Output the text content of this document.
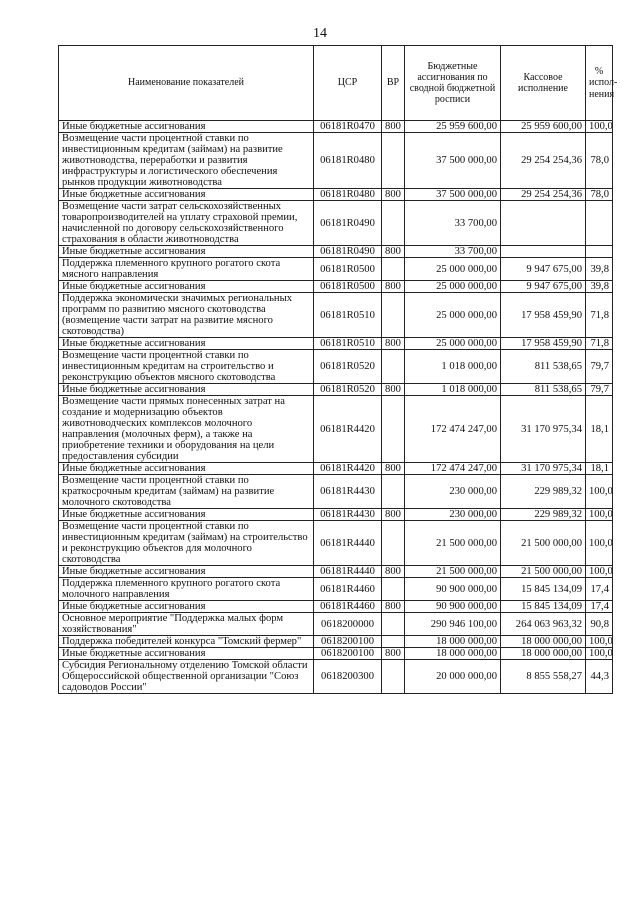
14
Наименование показателей	ЦСР	ВР	Бюджетные ассигнования по сводной бюджетной росписи	Кассовое исполнение	% испол-нения
Иные бюджетные ассигнования	06181R0470	800	25 959 600,00	25 959 600,00	100,0
Возмещение части процентной ставки по инвестиционным кредитам (займам) на развитие животноводства, переработки и развития инфраструктуры и логистического обеспечения рынков продукции животноводства	06181R0480		37 500 000,00	29 254 254,36	78,0
Иные бюджетные ассигнования	06181R0480	800	37 500 000,00	29 254 254,36	78,0
Возмещение части затрат сельскохозяйственных товаропроизводителей на уплату страховой премии, начисленной по договору сельскохозяйственного страхования в области животноводства	06181R0490		33 700,00		
Иные бюджетные ассигнования	06181R0490	800	33 700,00		
Поддержка племенного крупного рогатого скота мясного направления	06181R0500		25 000 000,00	9 947 675,00	39,8
Иные бюджетные ассигнования	06181R0500	800	25 000 000,00	9 947 675,00	39,8
Поддержка экономически значимых региональных программ по развитию мясного скотоводства (возмещение части затрат на развитие мясного скотоводства)	06181R0510		25 000 000,00	17 958 459,90	71,8
Иные бюджетные ассигнования	06181R0510	800	25 000 000,00	17 958 459,90	71,8
Возмещение части процентной ставки по инвестиционным кредитам на строительство и реконструкцию объектов мясного скотоводства	06181R0520		1 018 000,00	811 538,65	79,7
Иные бюджетные ассигнования	06181R0520	800	1 018 000,00	811 538,65	79,7
Возмещение части прямых понесенных затрат на создание и модернизацию объектов животноводческих комплексов молочного направления (молочных ферм), а также на приобретение техники и оборудования на цели предоставления субсидии	06181R4420		172 474 247,00	31 170 975,34	18,1
Иные бюджетные ассигнования	06181R4420	800	172 474 247,00	31 170 975,34	18,1
Возмещение части процентной ставки по краткосрочным кредитам (займам) на развитие молочного скотоводства	06181R4430		230 000,00	229 989,32	100,0
Иные бюджетные ассигнования	06181R4430	800	230 000,00	229 989,32	100,0
Возмещение части процентной ставки по инвестиционным кредитам (займам) на строительство и реконструкцию объектов для молочного скотоводства	06181R4440		21 500 000,00	21 500 000,00	100,0
Иные бюджетные ассигнования	06181R4440	800	21 500 000,00	21 500 000,00	100,0
Поддержка племенного крупного рогатого скота молочного направления	06181R4460		90 900 000,00	15 845 134,09	17,4
Иные бюджетные ассигнования	06181R4460	800	90 900 000,00	15 845 134,09	17,4
Основное мероприятие "Поддержка малых форм хозяйствования"	0618200000		290 946 100,00	264 063 963,32	90,8
Поддержка победителей конкурса "Томский фермер"	0618200100		18 000 000,00	18 000 000,00	100,0
Иные бюджетные ассигнования	0618200100	800	18 000 000,00	18 000 000,00	100,0
Субсидия Региональному отделению Томской области Общероссийской общественной организации "Союз садоводов России"	0618200300		20 000 000,00	8 855 558,27	44,3
